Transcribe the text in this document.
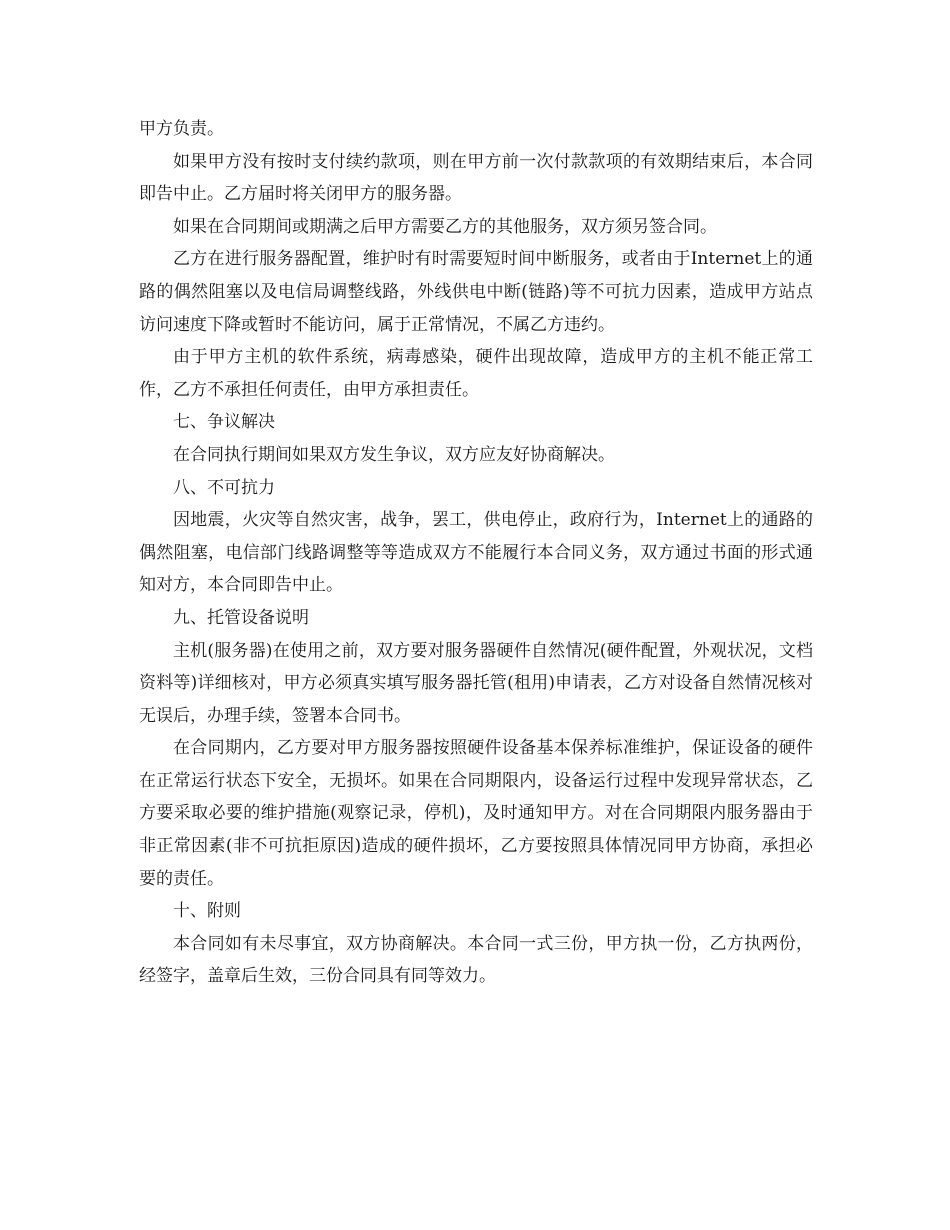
甲方负责。

如果甲方没有按时支付续约款项，则在甲方前一次付款款项的有效期结束后，本合同即告中止。乙方届时将关闭甲方的服务器。

如果在合同期间或期满之后甲方需要乙方的其他服务，双方须另签合同。

乙方在进行服务器配置，维护时有时需要短时间中断服务，或者由于Internet上的通路的偶然阻塞以及电信局调整线路，外线供电中断(链路)等不可抗力因素，造成甲方站点访问速度下降或暂时不能访问，属于正常情况，不属乙方违约。

由于甲方主机的软件系统，病毒感染，硬件出现故障，造成甲方的主机不能正常工作，乙方不承担任何责任，由甲方承担责任。

七、争议解决

在合同执行期间如果双方发生争议，双方应友好协商解决。

八、不可抗力

因地震，火灾等自然灾害，战争，罢工，供电停止，政府行为，Internet上的通路的偶然阻塞，电信部门线路调整等等造成双方不能履行本合同义务，双方通过书面的形式通知对方，本合同即告中止。

九、托管设备说明

主机(服务器)在使用之前，双方要对服务器硬件自然情况(硬件配置，外观状况，文档资料等)详细核对，甲方必须真实填写服务器托管(租用)申请表，乙方对设备自然情况核对无误后，办理手续，签署本合同书。

在合同期内，乙方要对甲方服务器按照硬件设备基本保养标准维护，保证设备的硬件在正常运行状态下安全，无损坏。如果在合同期限内，设备运行过程中发现异常状态，乙方要采取必要的维护措施(观察记录，停机)，及时通知甲方。对在合同期限内服务器由于非正常因素(非不可抗拒原因)造成的硬件损坏，乙方要按照具体情况同甲方协商，承担必要的责任。

十、附则

本合同如有未尽事宜，双方协商解决。本合同一式三份，甲方执一份，乙方执两份，经签字，盖章后生效，三份合同具有同等效力。
